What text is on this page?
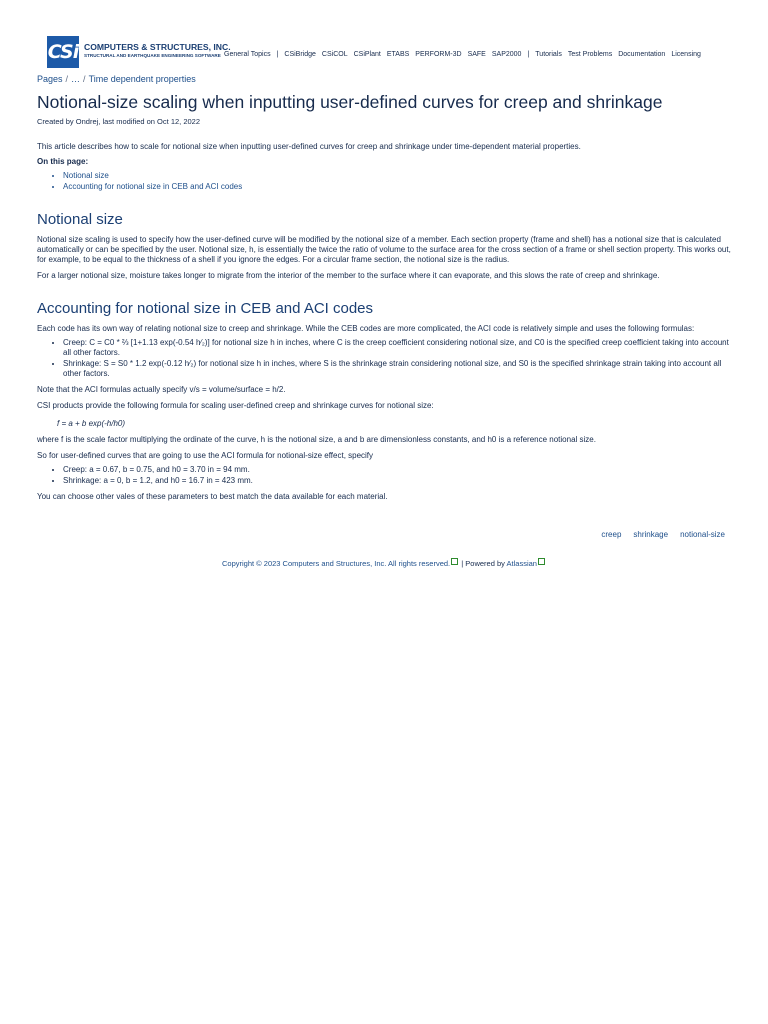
CSi COMPUTERS & STRUCTURES, INC.
STRUCTURAL AND EARTHQUAKE ENGINEERING SOFTWARE General Topics | CSiBridge CSiCOL CSiPlant ETABS PERFORM-3D SAFE SAP2000 | Tutorials Test Problems Documentation Licensing
Pages / … / Time dependent properties
Notional-size scaling when inputting user-defined curves for creep and shrinkage
Created by Ondrej, last modified on Oct 12, 2022

This article describes how to scale for notional size when inputting user-defined curves for creep and shrinkage under time-dependent material properties.

On this page:

• Notional size
• Accounting for notional size in CEB and ACI codes
Notional size

Notional size scaling is used to specify how the user-defined curve will be modified by the notional size of a member. Each section property (frame and shell) has a notional size that is calculated automatically or can be specified by the user. Notional size, h, is essentially the twice the ratio of volume to the surface area for the cross section of a frame or shell section property. This works out, for example, to be equal to the thickness of a shell if you ignore the edges. For a circular frame section, the notional size is the radius.

For a larger notional size, moisture takes longer to migrate from the interior of the member to the surface where it can evaporate, and this slows the rate of creep and shrinkage.

Accounting for notional size in CEB and ACI codes

Each code has its own way of relating notional size to creep and shrinkage. While the CEB codes are more complicated, the ACI code is relatively simple and uses the following formulas:

• Creep: C = C0 * ⅔ [1+1.13 exp(-0.54 h⁄₂)] for notional size h in inches, where C is the creep coefficient considering notional size, and C0 is the specified creep coefficient taking into account all other factors.
• Shrinkage: S = S0 * 1.2 exp(-0.12 h⁄₂) for notional size h in inches, where S is the shrinkage strain considering notional size, and S0 is the specified shrinkage strain taking into account all other factors.

Note that the ACI formulas actually specify v/s = volume/surface = h/2.

CSI products provide the following formula for scaling user-defined creep and shrinkage curves for notional size:

f = a + b exp(-h/h0)

where f is the scale factor multiplying the ordinate of the curve, h is the notional size, a and b are dimensionless constants, and h0 is a reference notional size.

So for user-defined curves that are going to use the ACI formula for notional-size effect, specify

• Creep: a = 0.67, b = 0.75, and h0 = 3.70 in = 94 mm.
• Shrinkage: a = 0, b = 1.2, and h0 = 16.7 in = 423 mm.

You can choose other vales of these parameters to best match the data available for each material.

creep shrinkage notional-size
Copyright © 2023 Computers and Structures, Inc. All rights reserved. | Powered by Atlassian
